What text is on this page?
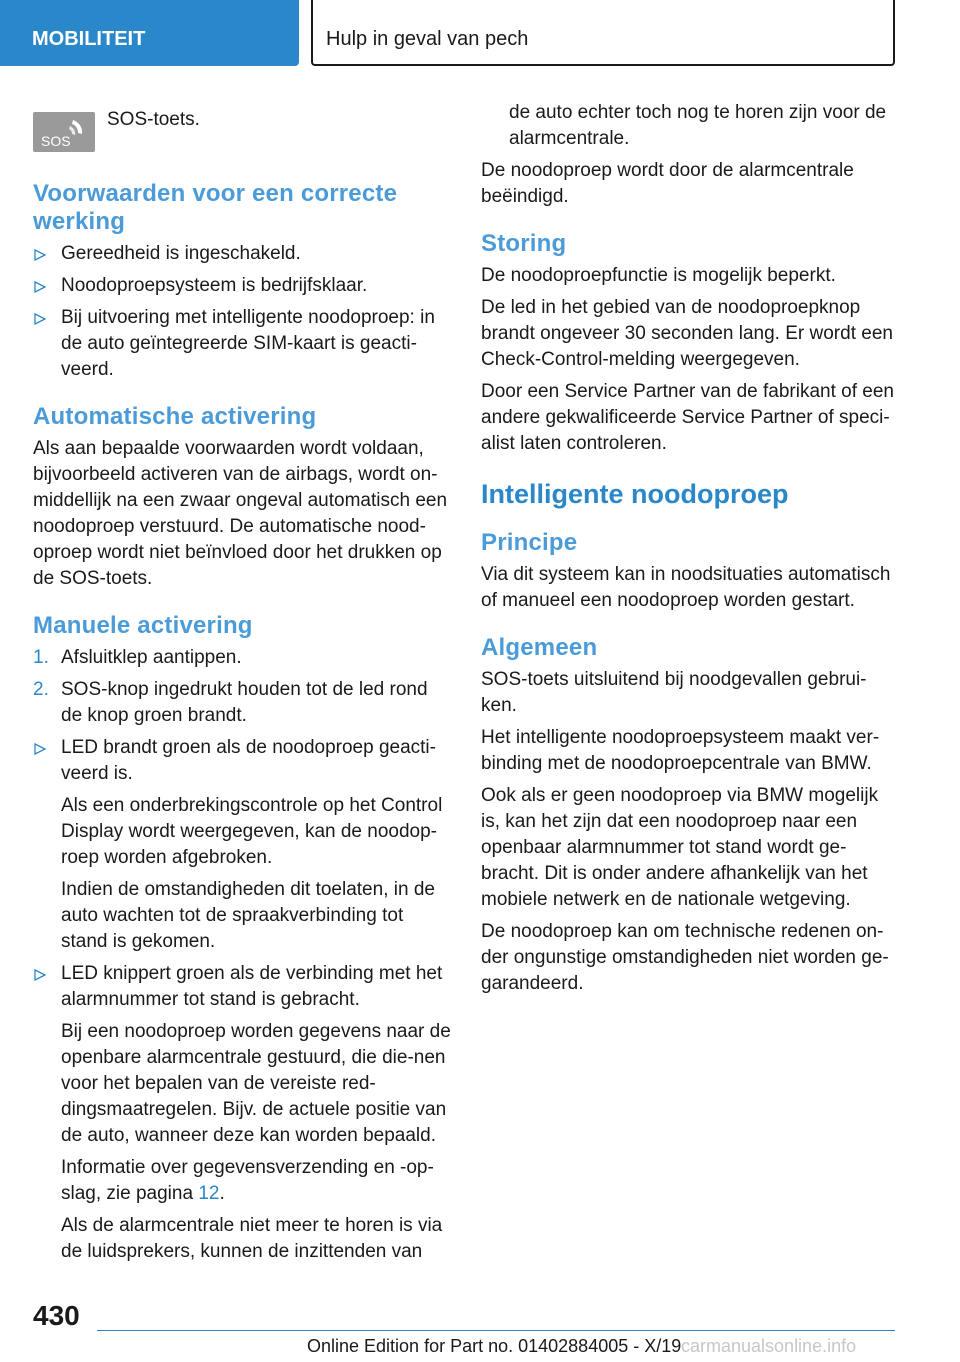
MOBILITEIT	Hulp in geval van pech
SOS
SOS-toets.
Voorwaarden voor een correcte werking
Gereedheid is ingeschakeld.
Noodoproepsysteem is bedrijfsklaar.
Bij uitvoering met intelligente noodoproep: in de auto geïntegreerde SIM-kaart is geacti-veerd.
Automatische activering

Als aan bepaalde voorwaarden wordt voldaan, bijvoorbeeld activeren van de airbags, wordt on-middellijk na een zwaar ongeval automatisch een noodoproep verstuurd. De automatische nood-oproep wordt niet beïnvloed door het drukken op de SOS-toets.

Manuele activering
1. Afsluitklep aantippen.
2. SOS-knop ingedrukt houden tot de led rond de knop groen brandt.
LED brandt groen als de noodoproep geacti-veerd is.

Als een onderbrekingscontrole op het Control Display wordt weergegeven, kan de noodop-roep worden afgebroken.

Indien de omstandigheden dit toelaten, in de auto wachten tot de spraakverbinding tot stand is gekomen.

LED knippert groen als de verbinding met het alarmnummer tot stand is gebracht.

Bij een noodoproep worden gegevens naar de openbare alarmcentrale gestuurd, die die-nen voor het bepalen van de vereiste red-dingsmaatregelen. Bijv. de actuele positie van de auto, wanneer deze kan worden bepaald.

Informatie over gegevensverzending en -op-slag, zie pagina 12.

Als de alarmcentrale niet meer te horen is via de luidsprekers, kunnen de inzittenden van

de auto echter toch nog te horen zijn voor de alarmcentrale.

De noodoproep wordt door de alarmcentrale beëindigd.

Storing

De noodoproepfunctie is mogelijk beperkt.

De led in het gebied van de noodoproepknop brandt ongeveer 30 seconden lang. Er wordt een Check-Control-melding weergegeven.

Door een Service Partner van de fabrikant of een andere gekwalificeerde Service Partner of speci-alist laten controleren.

Intelligente noodoproep
Principe

Via dit systeem kan in noodsituaties automatisch of manueel een noodoproep worden gestart.

Algemeen

SOS-toets uitsluitend bij noodgevallen gebrui-ken.

Het intelligente noodoproepsysteem maakt ver-binding met de noodoproepcentrale van BMW.

Ook als er geen noodoproep via BMW mogelijk is, kan het zijn dat een noodoproep naar een openbaar alarmnummer tot stand wordt ge-bracht. Dit is onder andere afhankelijk van het mobiele netwerk en de nationale wetgeving.

De noodoproep kan om technische redenen on-der ongunstige omstandigheden niet worden ge-garandeerd.

430
Online Edition for Part no. 01402884005 - X/19 carmanualsonline.info
